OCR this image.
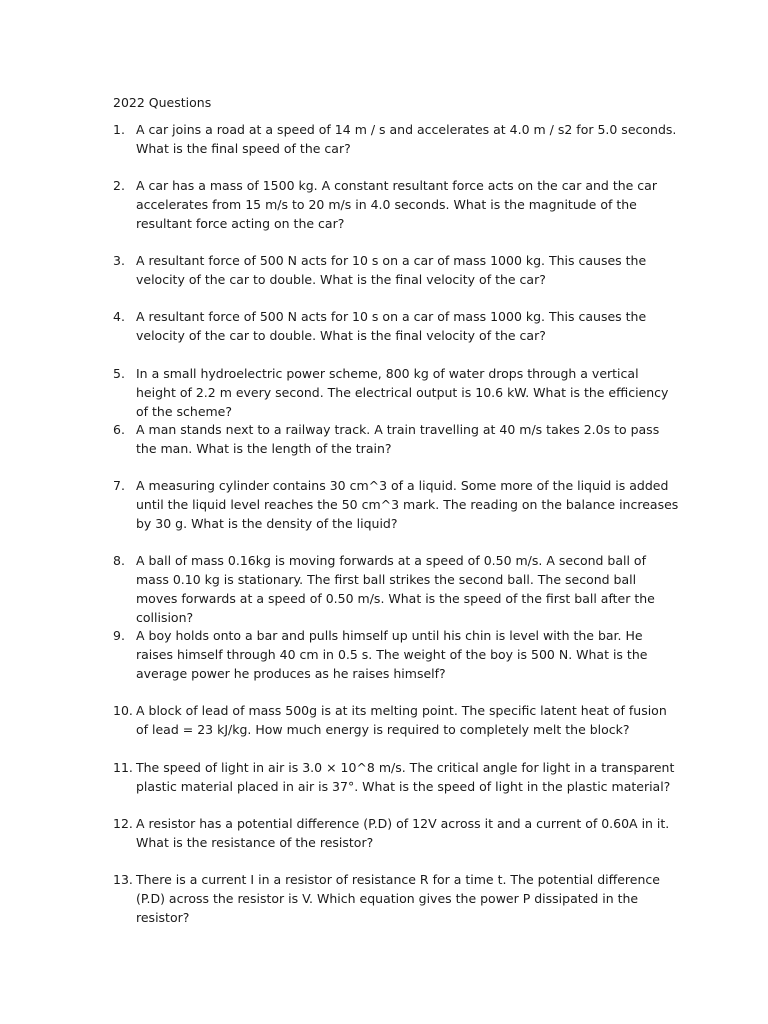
2022 Questions
1. A car joins a road at a speed of 14 m / s and accelerates at 4.0 m / s2 for 5.0 seconds. What is the final speed of the car?
2. A car has a mass of 1500 kg. A constant resultant force acts on the car and the car accelerates from 15 m/s to 20 m/s in 4.0 seconds. What is the magnitude of the resultant force acting on the car?
3. A resultant force of 500 N acts for 10 s on a car of mass 1000 kg. This causes the velocity of the car to double. What is the final velocity of the car?
4. A resultant force of 500 N acts for 10 s on a car of mass 1000 kg. This causes the velocity of the car to double. What is the final velocity of the car?
5. In a small hydroelectric power scheme, 800 kg of water drops through a vertical height of 2.2 m every second. The electrical output is 10.6 kW. What is the efficiency of the scheme?
6. A man stands next to a railway track. A train travelling at 40 m/s takes 2.0s to pass the man. What is the length of the train?
7. A measuring cylinder contains 30 cm^3 of a liquid. Some more of the liquid is added until the liquid level reaches the 50 cm^3 mark. The reading on the balance increases by 30 g. What is the density of the liquid?
8. A ball of mass 0.16kg is moving forwards at a speed of 0.50 m/s. A second ball of mass 0.10 kg is stationary. The first ball strikes the second ball. The second ball moves forwards at a speed of 0.50 m/s. What is the speed of the first ball after the collision?
9. A boy holds onto a bar and pulls himself up until his chin is level with the bar. He raises himself through 40 cm in 0.5 s. The weight of the boy is 500 N. What is the average power he produces as he raises himself?
10. A block of lead of mass 500g is at its melting point. The specific latent heat of fusion of lead = 23 kJ/kg. How much energy is required to completely melt the block?
11. The speed of light in air is 3.0 × 10^8 m/s. The critical angle for light in a transparent plastic material placed in air is 37°. What is the speed of light in the plastic material?
12. A resistor has a potential difference (P.D) of 12V across it and a current of 0.60A in it. What is the resistance of the resistor?
13. There is a current I in a resistor of resistance R for a time t. The potential difference (P.D) across the resistor is V. Which equation gives the power P dissipated in the resistor?
